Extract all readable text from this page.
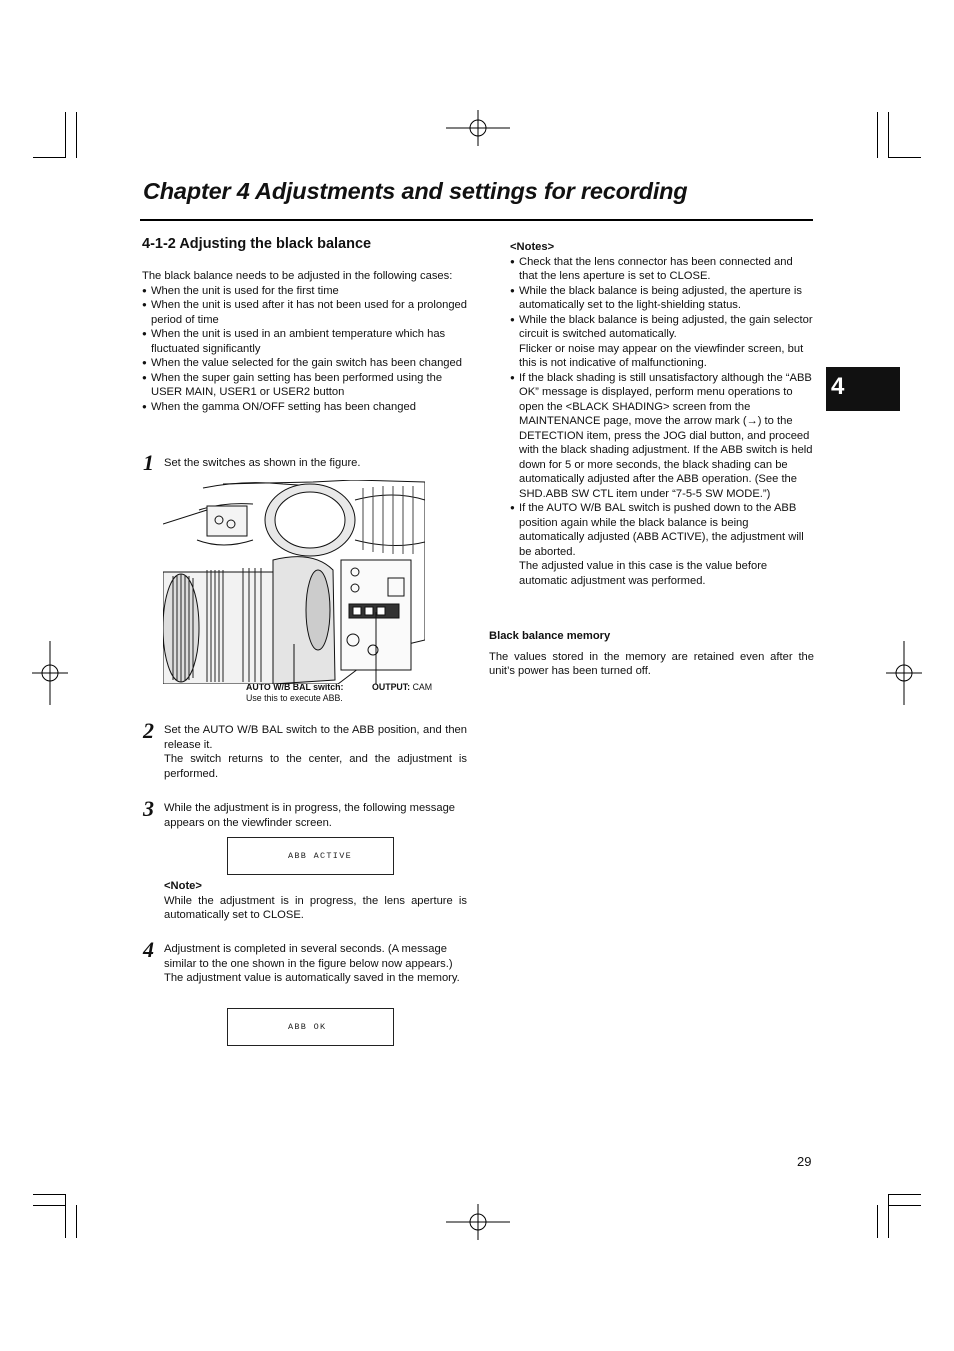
Chapter 4 Adjustments and settings for recording
4
4-1-2 Adjusting the black balance

The black balance needs to be adjusted in the following cases:

● When the unit is used for the first time
● When the unit is used after it has not been used for a prolonged period of time
● When the unit is used in an ambient temperature which has fluctuated significantly
● When the value selected for the gain switch has been changed
● When the super gain setting has been performed using the USER MAIN, USER1 or USER2 button
● When the gamma ON/OFF setting has been changed
1 Set the switches as shown in the figure.
AUTO W/B BAL switch:
Use this to execute ABB.
OUTPUT: CAM
2 Set the AUTO W/B BAL switch to the ABB position, and then release it.

The switch returns to the center, and the adjustment is performed.

3 While the adjustment is in progress, the following message appears on the viewfinder screen.
ABB ACTIVE

<Note>

While the adjustment is in progress, the lens aperture is automatically set to CLOSE.

4 Adjustment is completed in several seconds. (A message similar to the one shown in the figure below now appears.) The adjustment value is automatically saved in the memory.
ABB OK

<Notes>

● Check that the lens connector has been connected and that the lens aperture is set to CLOSE.
● While the black balance is being adjusted, the aperture is automatically set to the light-shielding status.
● While the black balance is being adjusted, the gain selector circuit is switched automatically.
Flicker or noise may appear on the viewfinder screen, but this is not indicative of malfunctioning.
● If the black shading is still unsatisfactory although the “ABB OK” message is displayed, perform menu operations to open the <BLACK SHADING> screen from the MAINTENANCE page, move the arrow mark (→) to the DETECTION item, press the JOG dial button, and proceed with the black shading adjustment. If the ABB switch is held down for 5 or more seconds, the black shading can be automatically adjusted after the ABB operation. (See the SHD.ABB SW CTL item under “7-5-5 SW MODE.”)
● If the AUTO W/B BAL switch is pushed down to the ABB position again while the black balance is being automatically adjusted (ABB ACTIVE), the adjustment will be aborted.
The adjusted value in this case is the value before automatic adjustment was performed.

Black balance memory

The values stored in the memory are retained even after the unit’s power has been turned off.

29
